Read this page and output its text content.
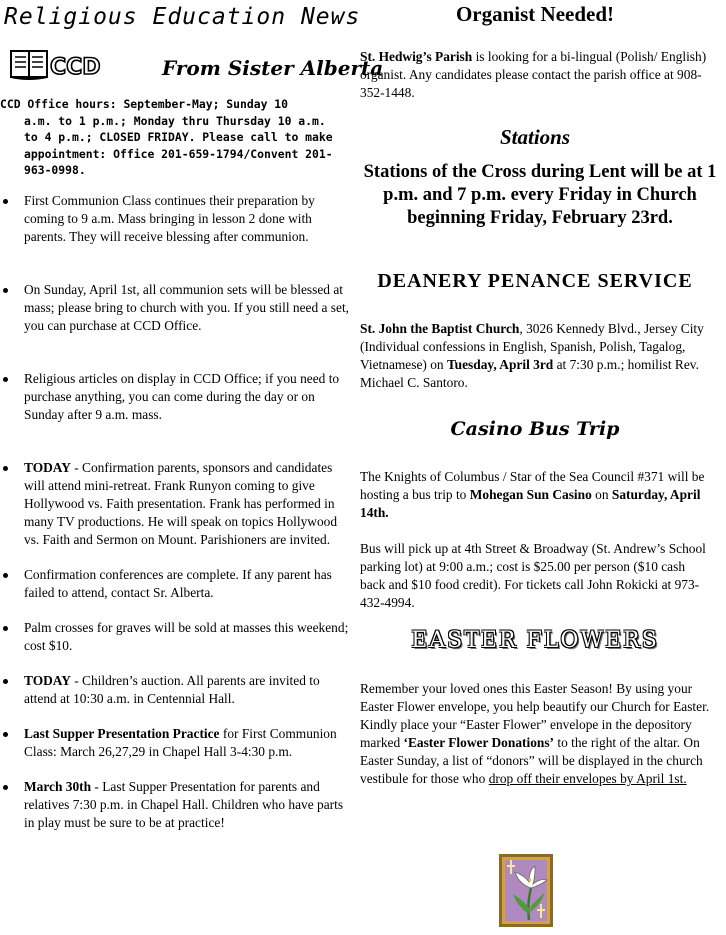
Religious Education News
CCD	From Sister Alberta
CCD Office hours: September-May; Sunday 10
a.m. to 1 p.m.; Monday thru Thursday 10 a.m. to 4 p.m.; CLOSED FRIDAY. Please call to make appointment: Office 201-659-1794/Convent 201-963-0998.
First Communion Class continues their preparation by coming to 9 a.m. Mass bringing in lesson 2 done with parents. They will receive blessing after communion.
On Sunday, April 1st, all communion sets will be blessed at mass; please bring to church with you. If you still need a set, you can purchase at CCD Office.
Religious articles on display in CCD Office; if you need to purchase anything, you can come during the day or on Sunday after 9 a.m. mass.
TODAY - Confirmation parents, sponsors and candidates will attend mini-retreat. Frank Runyon coming to give Hollywood vs. Faith presentation. Frank has performed in many TV productions. He will speak on topics Hollywood vs. Faith and Sermon on Mount. Parishioners are invited.
Confirmation conferences are complete. If any parent has failed to attend, contact Sr. Alberta.
Palm crosses for graves will be sold at masses this weekend; cost $10.
TODAY - Children’s auction. All parents are invited to attend at 10:30 a.m. in Centennial Hall.
Last Supper Presentation Practice for First Communion Class: March 26,27,29 in Chapel Hall 3-4:30 p.m.
March 30th - Last Supper Presentation for parents and relatives 7:30 p.m. in Chapel Hall. Children who have parts in play must be sure to be at practice!
Organist Needed!
St. Hedwig’s Parish is looking for a bi-lingual (Polish/ English) organist. Any candidates please contact the parish office at 908-352-1448.
Stations
Stations of the Cross during Lent will be at 1 p.m. and 7 p.m. every Friday in Church beginning Friday, February 23rd.
DEANERY PENANCE SERVICE
St. John the Baptist Church, 3026 Kennedy Blvd., Jersey City (Individual confessions in English, Spanish, Polish, Tagalog, Vietnamese) on Tuesday, April 3rd at 7:30 p.m.; homilist Rev. Michael C. Santoro.
Casino Bus Trip
The Knights of Columbus / Star of the Sea Council #371 will be hosting a bus trip to Mohegan Sun Casino on Saturday, April 14th.
Bus will pick up at 4th Street & Broadway (St. Andrew’s School parking lot) at 9:00 a.m.; cost is $25.00 per person ($10 cash back and $10 food credit). For tickets call John Rokicki at 973-432-4994.
EASTER FLOWERS
Remember your loved ones this Easter Season! By using your Easter Flower envelope, you help beautify our Church for Easter.
Kindly place your “Easter Flower” envelope in the depository marked ‘Easter Flower Donations’ to the right of the altar. On Easter Sunday, a list of “donors” will be displayed in the church vestibule for those who drop off their envelopes by April 1st.
